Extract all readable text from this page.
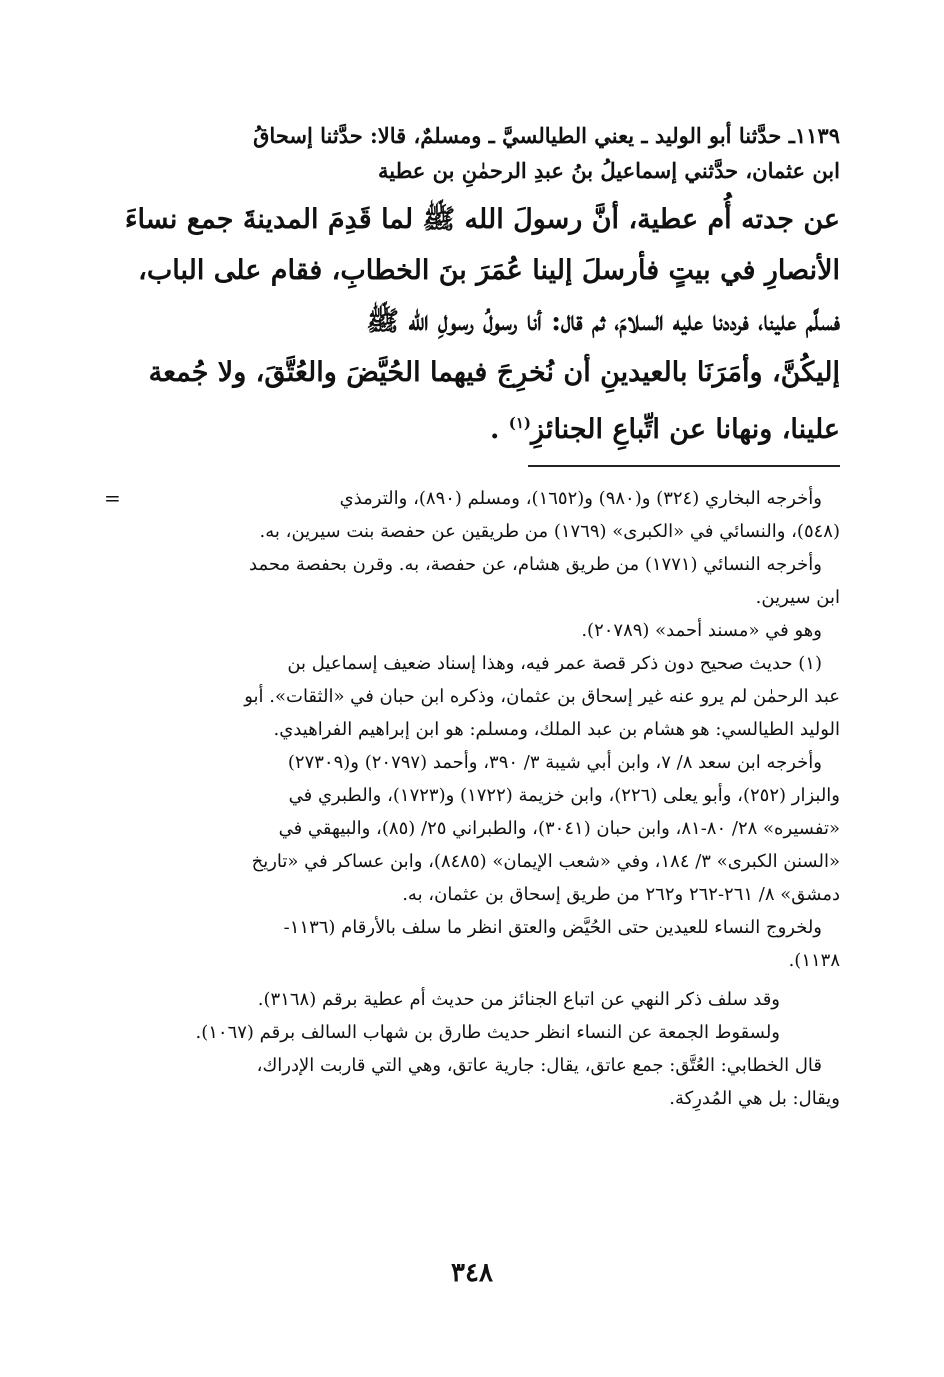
١١٣٩ـ حدَّثنا أبو الوليد ـ يعني الطيالسيَّ ـ ومسلمٌ، قالا: حدَّثنا إسحاقُ

ابن عثمان، حدَّثني إسماعيلُ بنُ عبدِ الرحمٰنِ بن عطية

عن جدته أُم عطية، أنَّ رسولَ الله ﷺ لما قَدِمَ المدينةَ جمع نساءَ

الأنصارِ في بيتٍ فأرسلَ إلينا عُمَرَ بنَ الخطابِ، فقام على الباب،

فسلَّم علينا، فرددنا عليه السلامَ، ثم قال: أنا رسولُ رسولِ الله ﷺ

إليكُنَّ، وأمَرَنَا بالعيدينِ أن نُخرِجَ فيهما الحُيَّضَ والعُتَّقَ، ولا جُمعة

علينا، ونهانا عن اتِّباعِ الجنائزِ$^{(١)}$ .

=	وأخرجه البخاري (٣٢٤) و(٩٨٠) و(١٦٥٢)، ومسلم (٨٩٠)، والترمذي

(٥٤٨)، والنسائي في «الكبرى» (١٧٦٩) من طريقين عن حفصة بنت سيرين، به.

وأخرجه النسائي (١٧٧١) من طريق هشام، عن حفصة، به. وقرن بحفصة محمد

ابن سيرين.

وهو في «مسند أحمد» (٢٠٧٨٩).

(١) حديث صحيح دون ذكر قصة عمر فيه، وهذا إسناد ضعيف إسماعيل بن

عبد الرحمٰن لم يرو عنه غير إسحاق بن عثمان، وذكره ابن حبان في «الثقات». أبو

الوليد الطيالسي: هو هشام بن عبد الملك، ومسلم: هو ابن إبراهيم الفراهيدي.

وأخرجه ابن سعد ٨/ ٧، وابن أبي شيبة ٣/ ٣٩٠، وأحمد (٢٠٧٩٧) و(٢٧٣٠٩)

والبزار (٢٥٢)، وأبو يعلى (٢٢٦)، وابن خزيمة (١٧٢٢) و(١٧٢٣)، والطبري في

«تفسيره» ٢٨/ ٨٠-٨١، وابن حبان (٣٠٤١)، والطبراني ٢٥/ (٨٥)، والبيهقي في

«السنن الكبرى» ٣/ ١٨٤، وفي «شعب الإيمان» (٨٤٨٥)، وابن عساكر في «تاريخ

دمشق» ٨/ ٢٦١-٢٦٢ و٢٦٢ من طريق إسحاق بن عثمان، به.

ولخروج النساء للعيدين حتى الحُيَّض والعتق انظر ما سلف بالأرقام (١١٣٦-

١١٣٨).

وقد سلف ذكر النهي عن اتباع الجنائز من حديث أم عطية برقم (٣١٦٨).

ولسقوط الجمعة عن النساء انظر حديث طارق بن شهاب السالف برقم (١٠٦٧).

قال الخطابي: العُتَّق: جمع عاتق، يقال: جارية عاتق، وهي التي قاربت الإدراك،

ويقال: بل هي المُدرِكة.

٣٤٨
